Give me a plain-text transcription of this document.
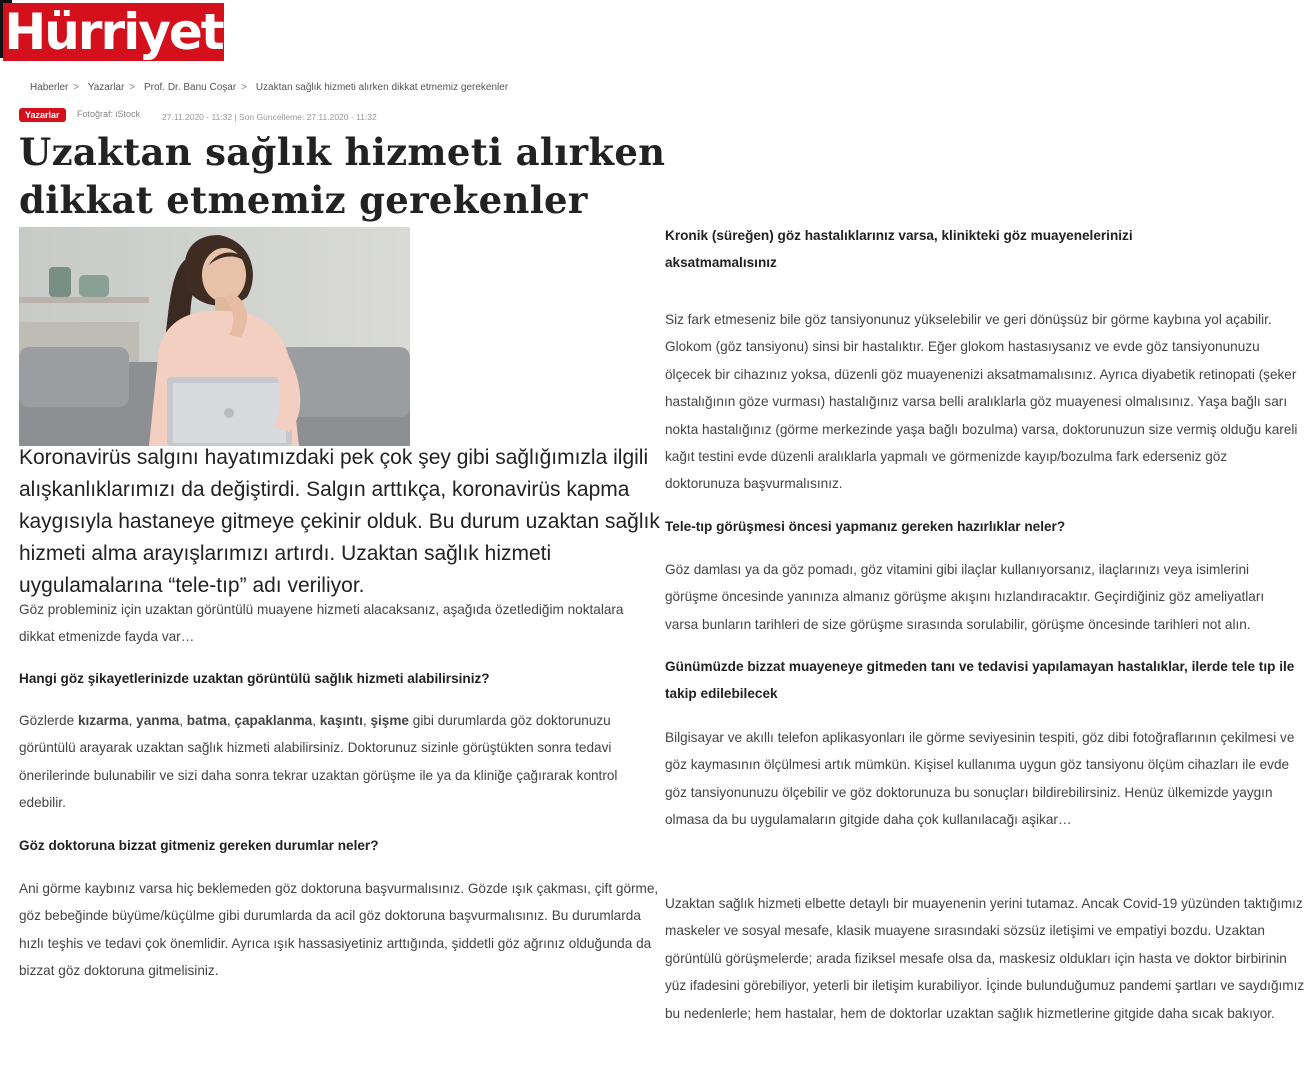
Hürriyet
Haberler > Yazarlar > Prof. Dr. Banu Coşar > Uzaktan sağlık hizmeti alırken dikkat etmemiz gerekenler
Yazarlar	Fotoğraf: iStock	27.11.2020 - 11:32 | Son Güncelleme: 27.11.2020 - 11:32
Uzaktan sağlık hizmeti alırken dikkat etmemiz gerekenler
Koronavirüs salgını hayatımızdaki pek çok şey gibi sağlığımızla ilgili alışkanlıklarımızı da değiştirdi. Salgın arttıkça, koronavirüs kapma kaygısıyla hastaneye gitmeye çekinir olduk. Bu durum uzaktan sağlık hizmeti alma arayışlarımızı artırdı. Uzaktan sağlık hizmeti uygulamalarına “tele-tıp” adı veriliyor.
Göz probleminiz için uzaktan görüntülü muayene hizmeti alacaksanız, aşağıda özetlediğim noktalara dikkat etmenizde fayda var…
Hangi göz şikayetlerinizde uzaktan görüntülü sağlık hizmeti alabilirsiniz?
Gözlerde kızarma, yanma, batma, çapaklanma, kaşıntı, şişme gibi durumlarda göz doktorunuzu görüntülü arayarak uzaktan sağlık hizmeti alabilirsiniz. Doktorunuz sizinle görüştükten sonra tedavi önerilerinde bulunabilir ve sizi daha sonra tekrar uzaktan görüşme ile ya da kliniğe çağırarak kontrol edebilir.
Göz doktoruna bizzat gitmeniz gereken durumlar neler?
Ani görme kaybınız varsa hiç beklemeden göz doktoruna başvurmalısınız. Gözde ışık çakması, çift görme, göz bebeğinde büyüme/küçülme gibi durumlarda da acil göz doktoruna başvurmalısınız. Bu durumlarda hızlı teşhis ve tedavi çok önemlidir. Ayrıca ışık hassasiyetiniz arttığında, şiddetli göz ağrınız olduğunda da bizzat göz doktoruna gitmelisiniz.
Kronik (süreğen) göz hastalıklarınız varsa, klinikteki göz muayenelerinizi aksatmamalısınız
Siz fark etmeseniz bile göz tansiyonunuz yükselebilir ve geri dönüşsüz bir görme kaybına yol açabilir. Glokom (göz tansiyonu) sinsi bir hastalıktır. Eğer glokom hastasıysanız ve evde göz tansiyonunuzu ölçecek bir cihazınız yoksa, düzenli göz muayenenizi aksatmamalısınız. Ayrıca diyabetik retinopati (şeker hastalığının göze vurması) hastalığınız varsa belli aralıklarla göz muayenesi olmalısınız. Yaşa bağlı sarı nokta hastalığınız (görme merkezinde yaşa bağlı bozulma) varsa, doktorunuzun size vermiş olduğu kareli kağıt testini evde düzenli aralıklarla yapmalı ve görmenizde kayıp/bozulma fark ederseniz göz doktorunuza başvurmalısınız.
Tele-tıp görüşmesi öncesi yapmanız gereken hazırlıklar neler?
Göz damlası ya da göz pomadı, göz vitamini gibi ilaçlar kullanıyorsanız, ilaçlarınızı veya isimlerini görüşme öncesinde yanınıza almanız görüşme akışını hızlandıracaktır. Geçirdiğiniz göz ameliyatları varsa bunların tarihleri de size görüşme sırasında sorulabilir, görüşme öncesinde tarihleri not alın.
Günümüzde bizzat muayeneye gitmeden tanı ve tedavisi yapılamayan hastalıklar, ilerde tele tıp ile takip edilebilecek
Bilgisayar ve akıllı telefon aplikasyonları ile görme seviyesinin tespiti, göz dibi fotoğraflarının çekilmesi ve göz kaymasının ölçülmesi artık mümkün. Kişisel kullanıma uygun göz tansiyonu ölçüm cihazları ile evde göz tansiyonunuzu ölçebilir ve göz doktorunuza bu sonuçları bildirebilirsiniz. Henüz ülkemizde yaygın olmasa da bu uygulamaların gitgide daha çok kullanılacağı aşikar…
Uzaktan sağlık hizmeti elbette detaylı bir muayenenin yerini tutamaz. Ancak Covid-19 yüzünden taktığımız maskeler ve sosyal mesafe, klasik muayene sırasındaki sözsüz iletişimi ve empatiyi bozdu. Uzaktan görüntülü görüşmelerde; arada fiziksel mesafe olsa da, maskesiz oldukları için hasta ve doktor birbirinin yüz ifadesini görebiliyor, yeterli bir iletişim kurabiliyor. İçinde bulunduğumuz pandemi şartları ve saydığımız bu nedenlerle; hem hastalar, hem de doktorlar uzaktan sağlık hizmetlerine gitgide daha sıcak bakıyor.
